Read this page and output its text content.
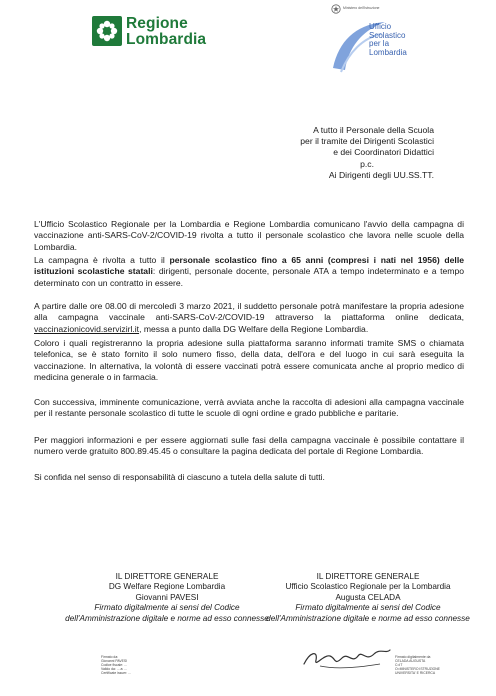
Regione
Lombardia
Ministero dell'Istruzione
Ufficio
Scolastico
per la
Lombardia
A tutto il Personale della Scuola
per il tramite dei Dirigenti Scolastici
e dei Coordinatori Didattici
p.c.
Ai Dirigenti degli UU.SS.TT.
L'Ufficio Scolastico Regionale per la Lombardia e Regione Lombardia comunicano l'avvio della campagna di vaccinazione anti-SARS-CoV-2/COVID-19 rivolta a tutto il personale scolastico che lavora nelle scuole della Lombardia.
La campagna è rivolta a tutto il personale scolastico fino a 65 anni (compresi i nati nel 1956) delle istituzioni scolastiche statali: dirigenti, personale docente, personale ATA a tempo indeterminato e a tempo determinato con un contratto in essere.
A partire dalle ore 08.00 di mercoledì 3 marzo 2021, il suddetto personale potrà manifestare la propria adesione alla campagna vaccinale anti-SARS-CoV-2/COVID-19 attraverso la piattaforma online dedicata, vaccinazionicovid.servizirl.it, messa a punto dalla DG Welfare della Regione Lombardia.
Coloro i quali registreranno la propria adesione sulla piattaforma saranno informati tramite SMS o chiamata telefonica, se è stato fornito il solo numero fisso, della data, dell'ora e del luogo in cui sarà eseguita la vaccinazione. In alternativa, la volontà di essere vaccinati potrà essere comunicata anche al proprio medico di medicina generale o in farmacia.
Con successiva, imminente comunicazione, verrà avviata anche la raccolta di adesioni alla campagna vaccinale per il restante personale scolastico di tutte le scuole di ogni ordine e grado pubbliche e paritarie.
Per maggiori informazioni e per essere aggiornati sulle fasi della campagna vaccinale è possibile contattare il numero verde gratuito 800.89.45.45 o consultare la pagina dedicata del portale di Regione Lombardia.
Si confida nel senso di responsabilità di ciascuno a tutela della salute di tutti.
IL DIRETTORE GENERALE
DG Welfare Regione Lombardia
Giovanni PAVESI
Firmato digitalmente ai sensi del Codice
dell'Amministrazione digitale e norme ad esso connesse
IL DIRETTORE GENERALE
Ufficio Scolastico Regionale per la Lombardia
Augusta CELADA
Firmato digitalmente ai sensi del Codice
dell'Amministrazione digitale e norme ad esso connesse
Firmato da:
Giovanni PAVESI
Codice fiscale: ...
Valido da: ... a: ...
Certificate issuer: ...
Firmato digitalmente da
CELADA AUGUSTA
C=IT
O=MINISTERO ISTRUZIONE
UNIVERSITA' E RICERCA
